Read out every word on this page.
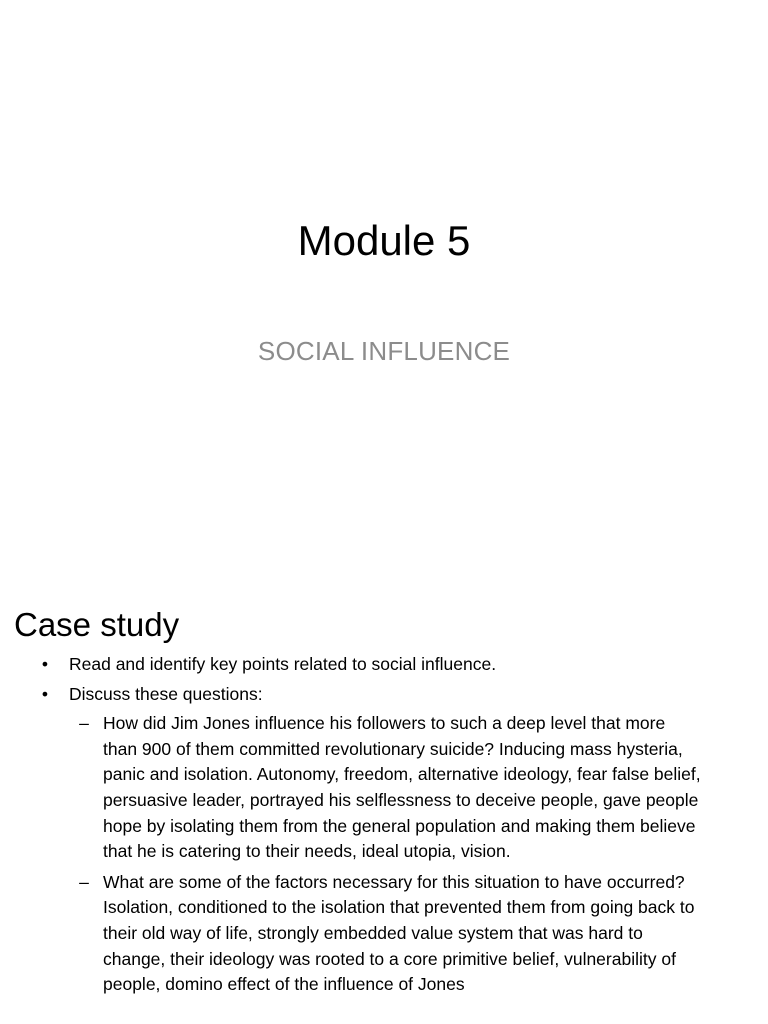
Module 5
SOCIAL INFLUENCE
Case study
• Read and identify key points related to social influence.
• Discuss these questions:
– How did Jim Jones influence his followers to such a deep level that more than 900 of them committed revolutionary suicide? Inducing mass hysteria, panic and isolation. Autonomy, freedom, alternative ideology, fear false belief, persuasive leader, portrayed his selflessness to deceive people, gave people hope by isolating them from the general population and making them believe that he is catering to their needs, ideal utopia, vision.
– What are some of the factors necessary for this situation to have occurred? Isolation, conditioned to the isolation that prevented them from going back to their old way of life, strongly embedded value system that was hard to change, their ideology was rooted to a core primitive belief, vulnerability of people, domino effect of the influence of Jones
